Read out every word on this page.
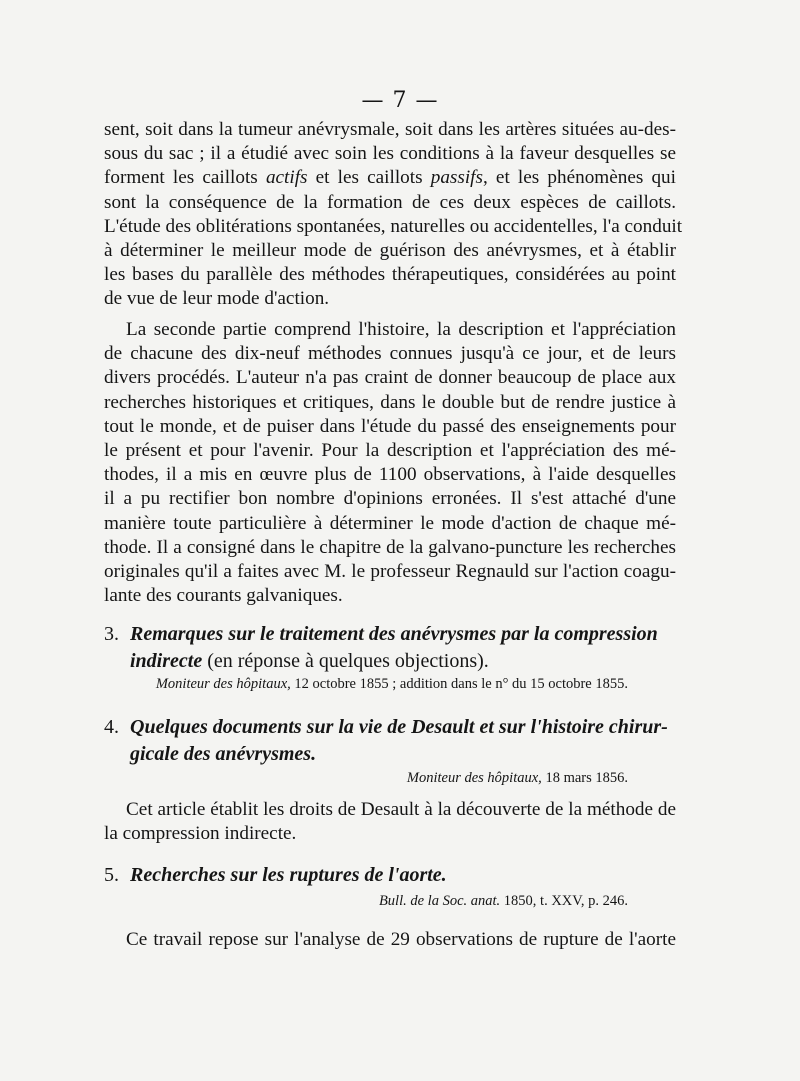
— 7 —
sent, soit dans la tumeur anévrysmale, soit dans les artères situées au-des-
sous du sac ; il a étudié avec soin les conditions à la faveur desquelles se
forment les caillots actifs et les caillots passifs, et les phénomènes qui
sont la conséquence de la formation de ces deux espèces de caillots.
L'étude des oblitérations spontanées, naturelles ou accidentelles, l'a conduit
à déterminer le meilleur mode de guérison des anévrysmes, et à établir
les bases du parallèle des méthodes thérapeutiques, considérées au point
de vue de leur mode d'action.
La seconde partie comprend l'histoire, la description et l'appréciation
de chacune des dix-neuf méthodes connues jusqu'à ce jour, et de leurs
divers procédés. L'auteur n'a pas craint de donner beaucoup de place aux
recherches historiques et critiques, dans le double but de rendre justice à
tout le monde, et de puiser dans l'étude du passé des enseignements pour
le présent et pour l'avenir. Pour la description et l'appréciation des mé-
thodes, il a mis en œuvre plus de 1100 observations, à l'aide desquelles
il a pu rectifier bon nombre d'opinions erronées. Il s'est attaché d'une
manière toute particulière à déterminer le mode d'action de chaque mé-
thode. Il a consigné dans le chapitre de la galvano-puncture les recherches
originales qu'il a faites avec M. le professeur Regnauld sur l'action coagu-
lante des courants galvaniques.
3. Remarques sur le traitement des anévrysmes par la compression
indirecte (en réponse à quelques objections).
Moniteur des hôpitaux, 12 octobre 1855 ; addition dans le n° du 15 octobre 1855.
4. Quelques documents sur la vie de Desault et sur l'histoire chirur-
gicale des anévrysmes.
Moniteur des hôpitaux, 18 mars 1856.
Cet article établit les droits de Desault à la découverte de la méthode de
la compression indirecte.
5. Recherches sur les ruptures de l'aorte.
Bull. de la Soc. anat. 1850, t. XXV, p. 246.
Ce travail repose sur l'analyse de 29 observations de rupture de l'aorte
